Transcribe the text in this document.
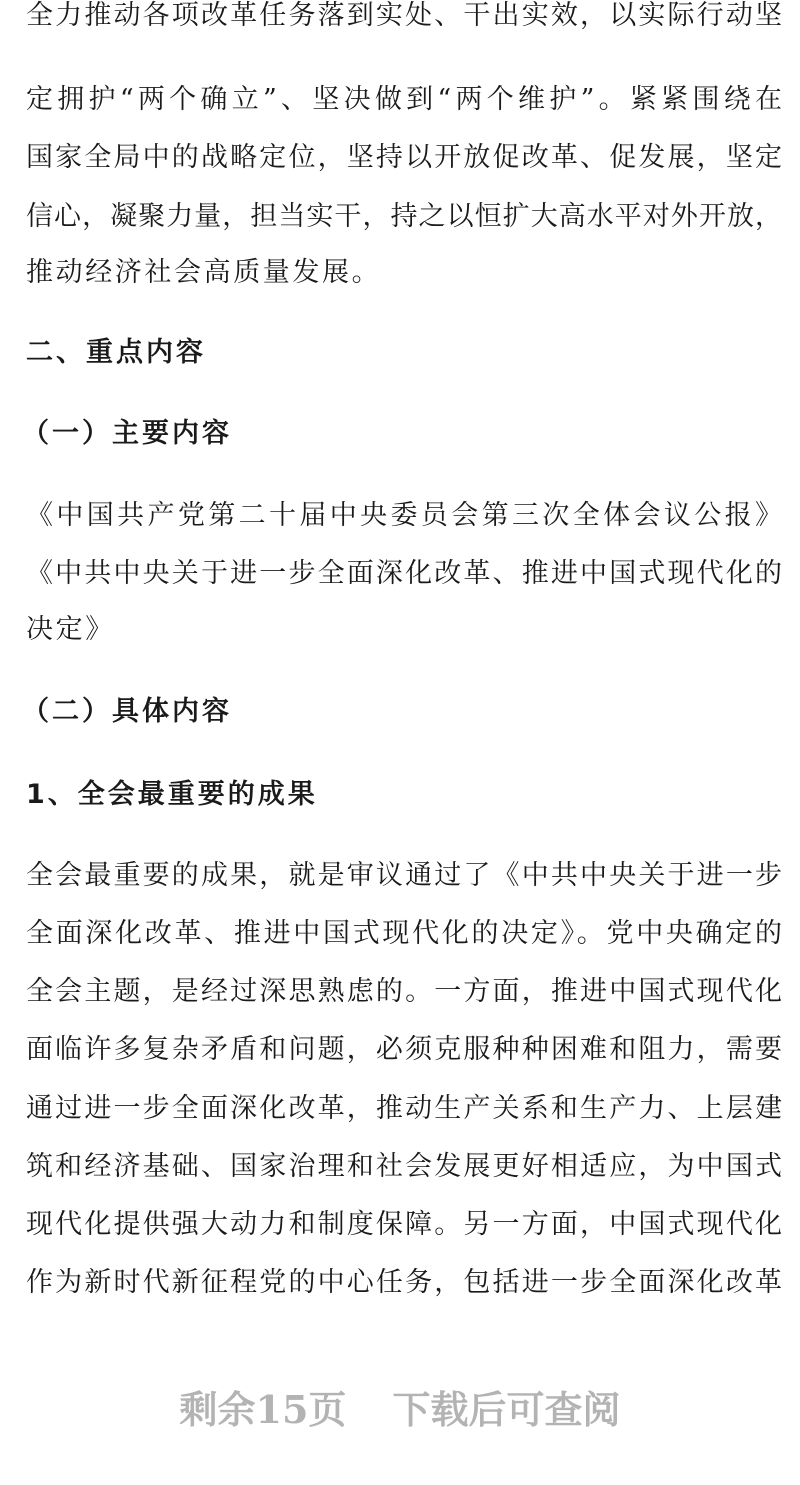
全力推动各项改革任务落到实处、干出实效，以实际行动坚
定拥护“两个确立”、坚决做到“两个维护”。紧紧围绕在
国家全局中的战略定位，坚持以开放促改革、促发展，坚定
信心，凝聚力量，担当实干，持之以恒扩大高水平对外开放，
推动经济社会高质量发展。
二、重点内容
（一）主要内容
《中国共产党第二十届中央委员会第三次全体会议公报》
《中共中央关于进一步全面深化改革、推进中国式现代化的
决定》
（二）具体内容
1、全会最重要的成果
全会最重要的成果，就是审议通过了《中共中央关于进一步
全面深化改革、推进中国式现代化的决定》。党中央确定的
全会主题，是经过深思熟虑的。一方面，推进中国式现代化
面临许多复杂矛盾和问题，必须克服种种困难和阻力，需要
通过进一步全面深化改革，推动生产关系和生产力、上层建
筑和经济基础、国家治理和社会发展更好相适应，为中国式
现代化提供强大动力和制度保障。另一方面，中国式现代化
作为新时代新征程党的中心任务，包括进一步全面深化改革
剩余15页 下载后可查阅
